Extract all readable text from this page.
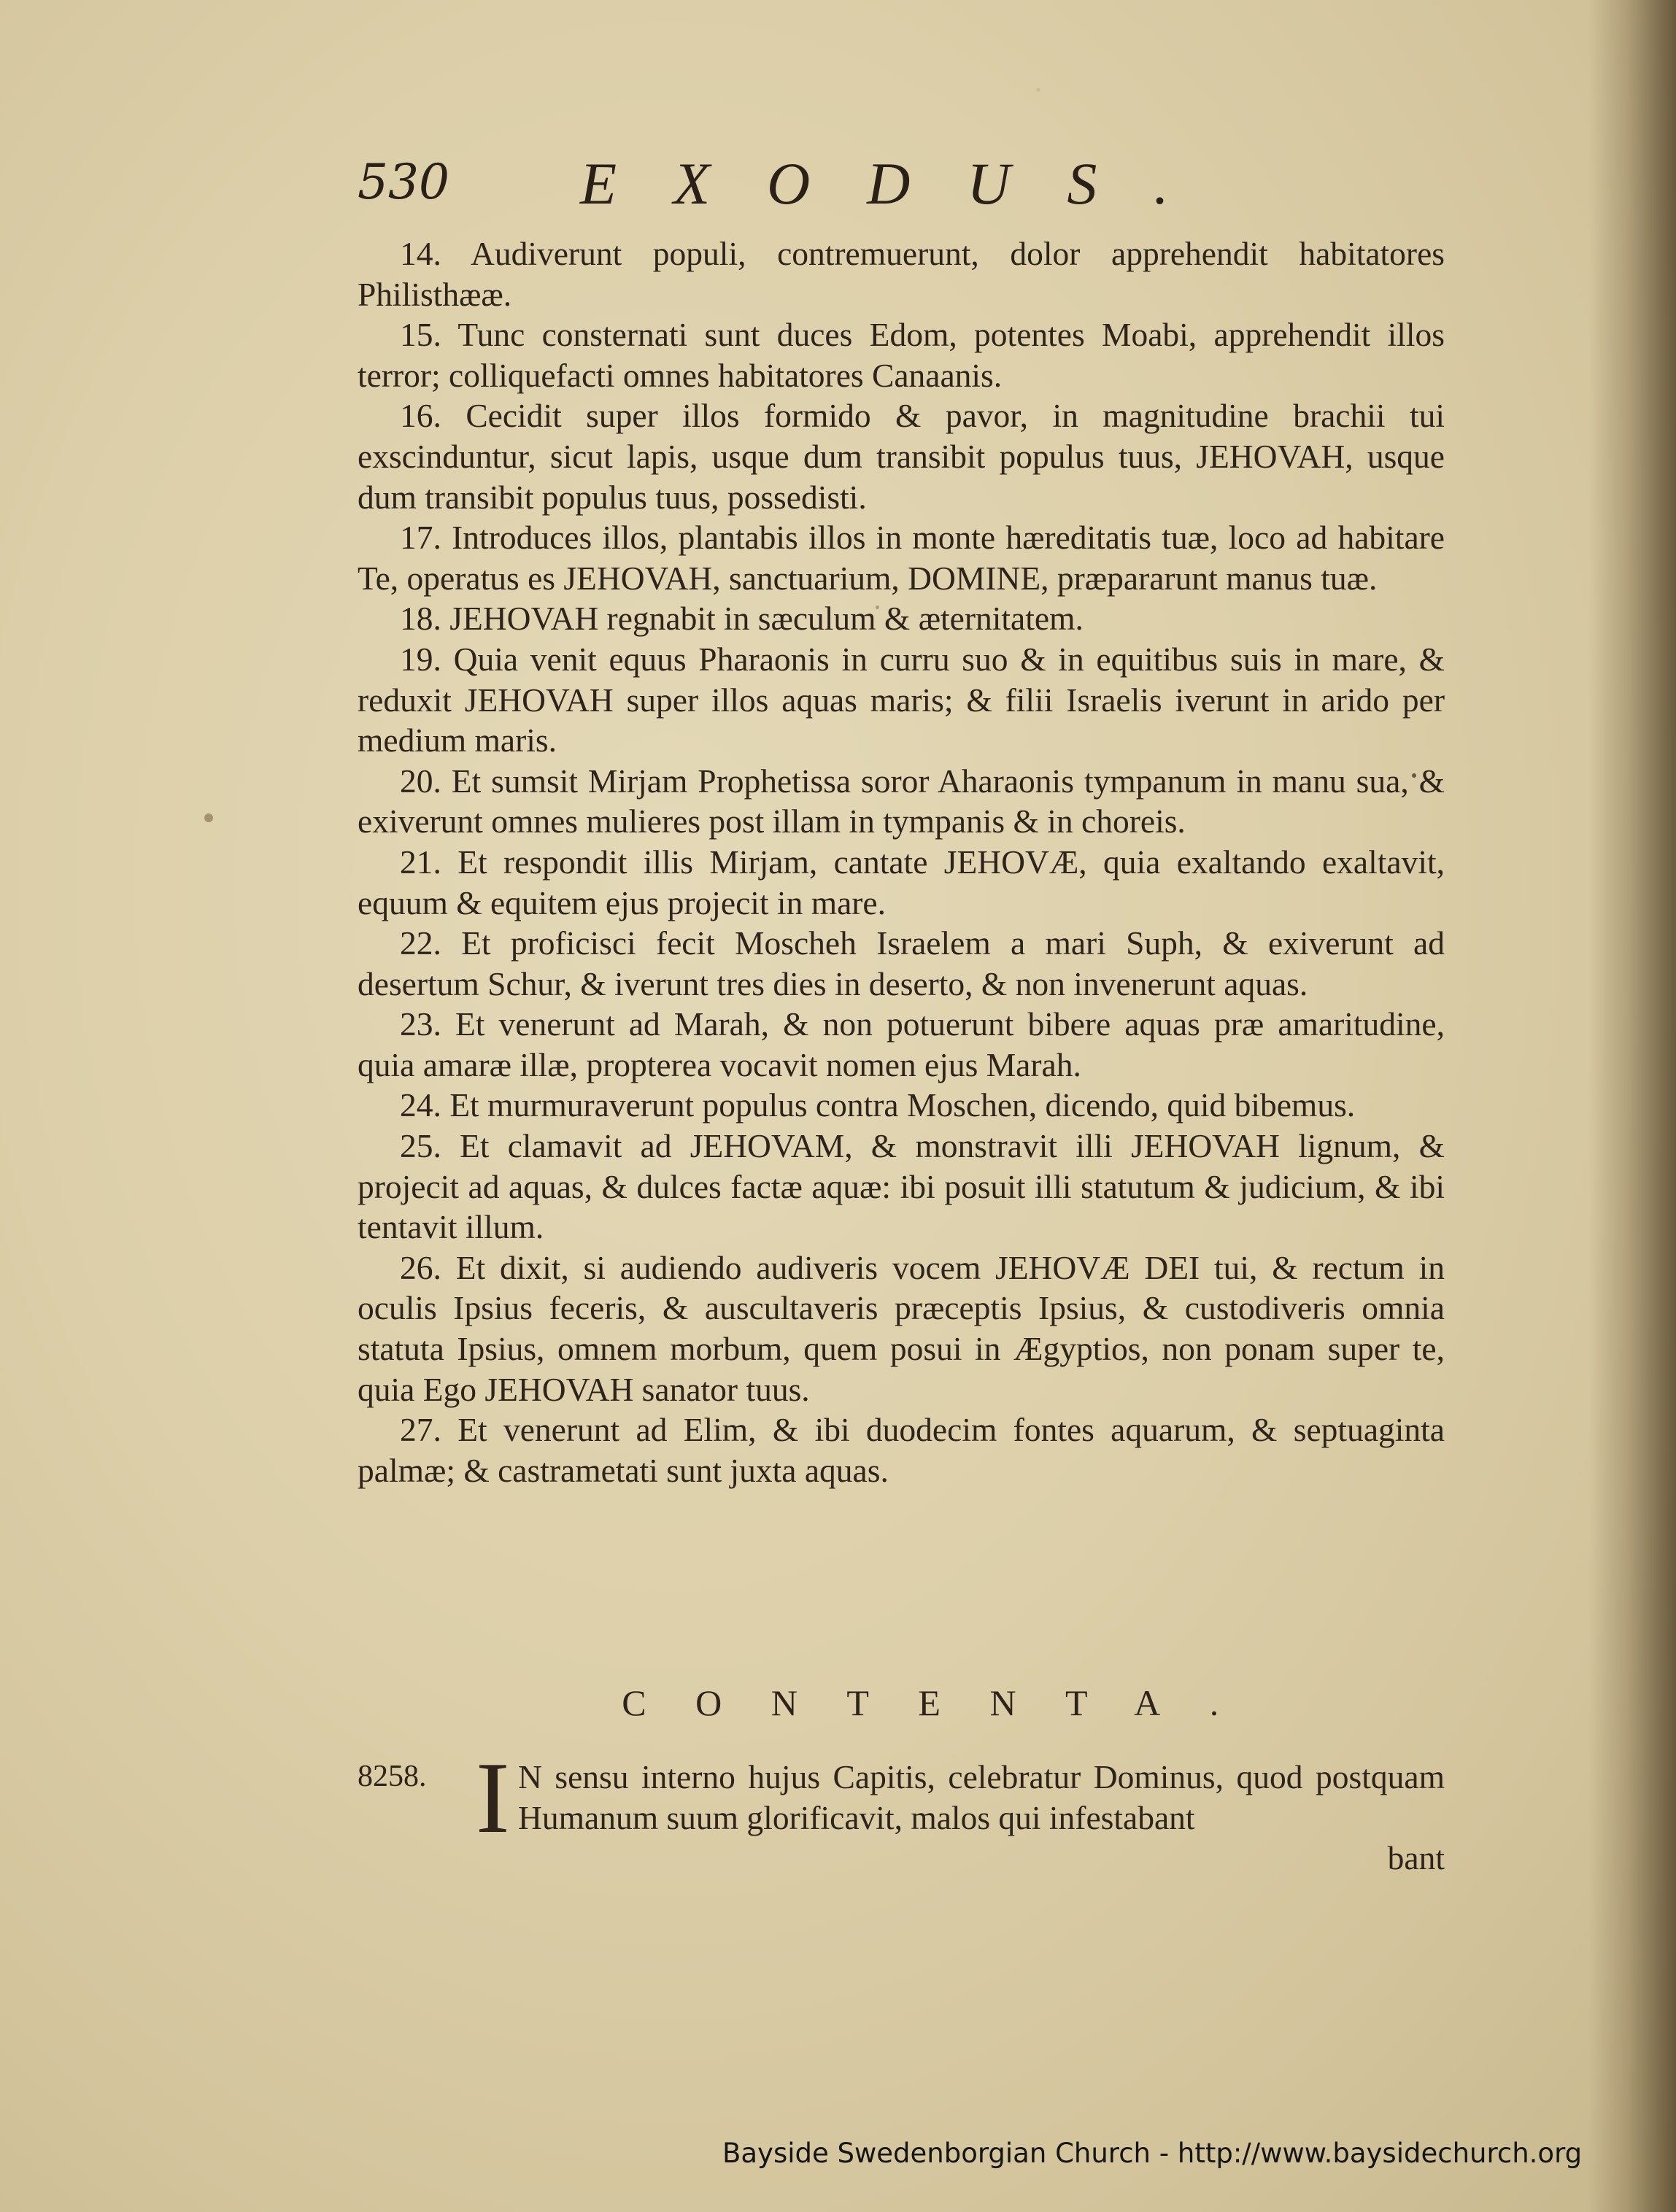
530 EXODUS.

14. Audiverunt populi, contremuerunt, dolor apprehendit habitatores Philisthææ.

15. Tunc consternati sunt duces Edom, potentes Moabi, apprehendit illos terror; colliquefacti omnes habitatores Canaanis.

16. Cecidit super illos formido & pavor, in magnitudine brachii tui exscinduntur, sicut lapis, usque dum transibit populus tuus, JEHOVAH, usque dum transibit populus tuus, possedisti.

17. Introduces illos, plantabis illos in monte hæreditatis tuæ, loco ad habitare Te, operatus es JEHOVAH, sanctuarium, DOMINE, præpararunt manus tuæ.

18. JEHOVAH regnabit in sæculum & æternitatem.

19. Quia venit equus Pharaonis in curru suo & in equitibus suis in mare, & reduxit JEHOVAH super illos aquas maris; & filii Israelis iverunt in arido per medium maris.

20. Et sumsit Mirjam Prophetissa soror Aharaonis tympanum in manu sua, & exiverunt omnes mulieres post illam in tympanis & in choreis.

21. Et respondit illis Mirjam, cantate JEHOVÆ, quia exaltando exaltavit, equum & equitem ejus projecit in mare.

22. Et proficisci fecit Moscheh Israelem a mari Suph, & exiverunt ad desertum Schur, & iverunt tres dies in deserto, & non invenerunt aquas.

23. Et venerunt ad Marah, & non potuerunt bibere aquas præ amaritudine, quia amaræ illæ, propterea vocavit nomen ejus Marah.

24. Et murmuraverunt populus contra Moschen, dicendo, quid bibemus.

25. Et clamavit ad JEHOVAM, & monstravit illi JEHOVAH lignum, & projecit ad aquas, & dulces factæ aquæ: ibi posuit illi statutum & judicium, & ibi tentavit illum.

26. Et dixit, si audiendo audiveris vocem JEHOVÆ DEI tui, & rectum in oculis Ipsius feceris, & auscultaveris præceptis Ipsius, & custodiveris omnia statuta Ipsius, omnem morbum, quem posui in Ægyptios, non ponam super te, quia Ego JEHOVAH sanator tuus.

27. Et venerunt ad Elim, & ibi duodecim fontes aquarum, & septuaginta palmæ; & castrametati sunt juxta aquas.

CONTENTA.
8258. I N sensu interno hujus Capitis, celebratur Dominus, quod postquam Humanum suum glorificavit, malos qui infestabant

bant
Bayside Swedenborgian Church - http://www.baysidechurch.org
